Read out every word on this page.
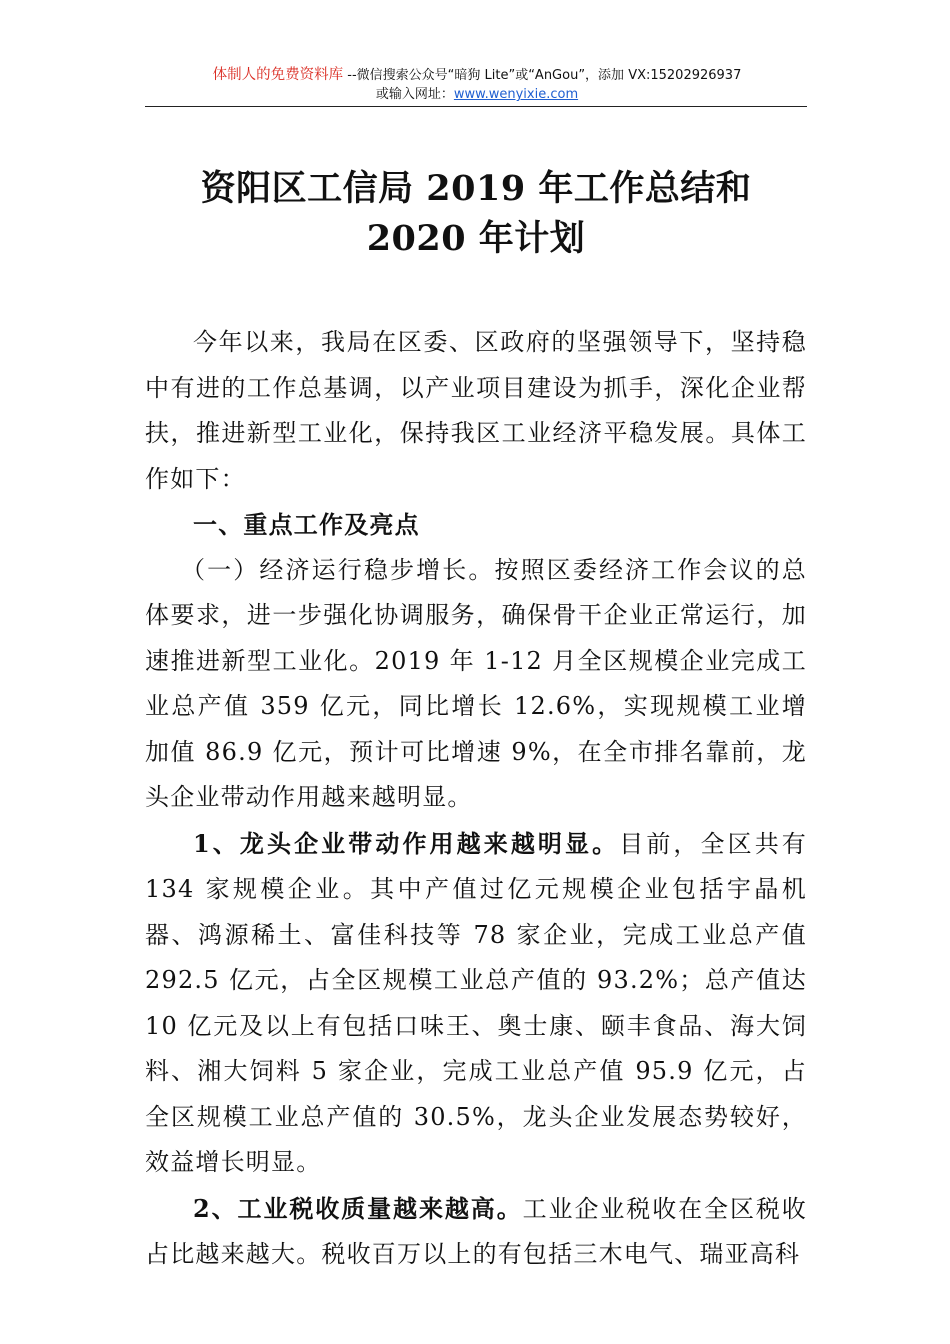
体制人的免费资料库 --微信搜索公众号“暗狗 Lite”或“AnGou”，添加 VX:15202926937
或输入网址：www.wenyixie.com
资阳区工信局 2019 年工作总结和 2020 年计划

今年以来，我局在区委、区政府的坚强领导下，坚持稳中有进的工作总基调，以产业项目建设为抓手，深化企业帮扶，推进新型工业化，保持我区工业经济平稳发展。具体工作如下：

一、重点工作及亮点

（一）经济运行稳步增长。按照区委经济工作会议的总体要求，进一步强化协调服务，确保骨干企业正常运行，加速推进新型工业化。2019 年 1-12 月全区规模企业完成工业总产值 359 亿元，同比增长 12.6%，实现规模工业增加值 86.9 亿元，预计可比增速 9%，在全市排名靠前，龙头企业带动作用越来越明显。

1、龙头企业带动作用越来越明显。目前，全区共有 134 家规模企业。其中产值过亿元规模企业包括宇晶机器、鸿源稀土、富佳科技等 78 家企业，完成工业总产值 292.5 亿元，占全区规模工业总产值的 93.2%；总产值达 10 亿元及以上有包括口味王、奥士康、颐丰食品、海大饲料、湘大饲料 5 家企业，完成工业总产值 95.9 亿元，占全区规模工业总产值的 30.5%，龙头企业发展态势较好，效益增长明显。

2、工业税收质量越来越高。工业企业税收在全区税收占比越来越大。税收百万以上的有包括三木电气、瑞亚高科
